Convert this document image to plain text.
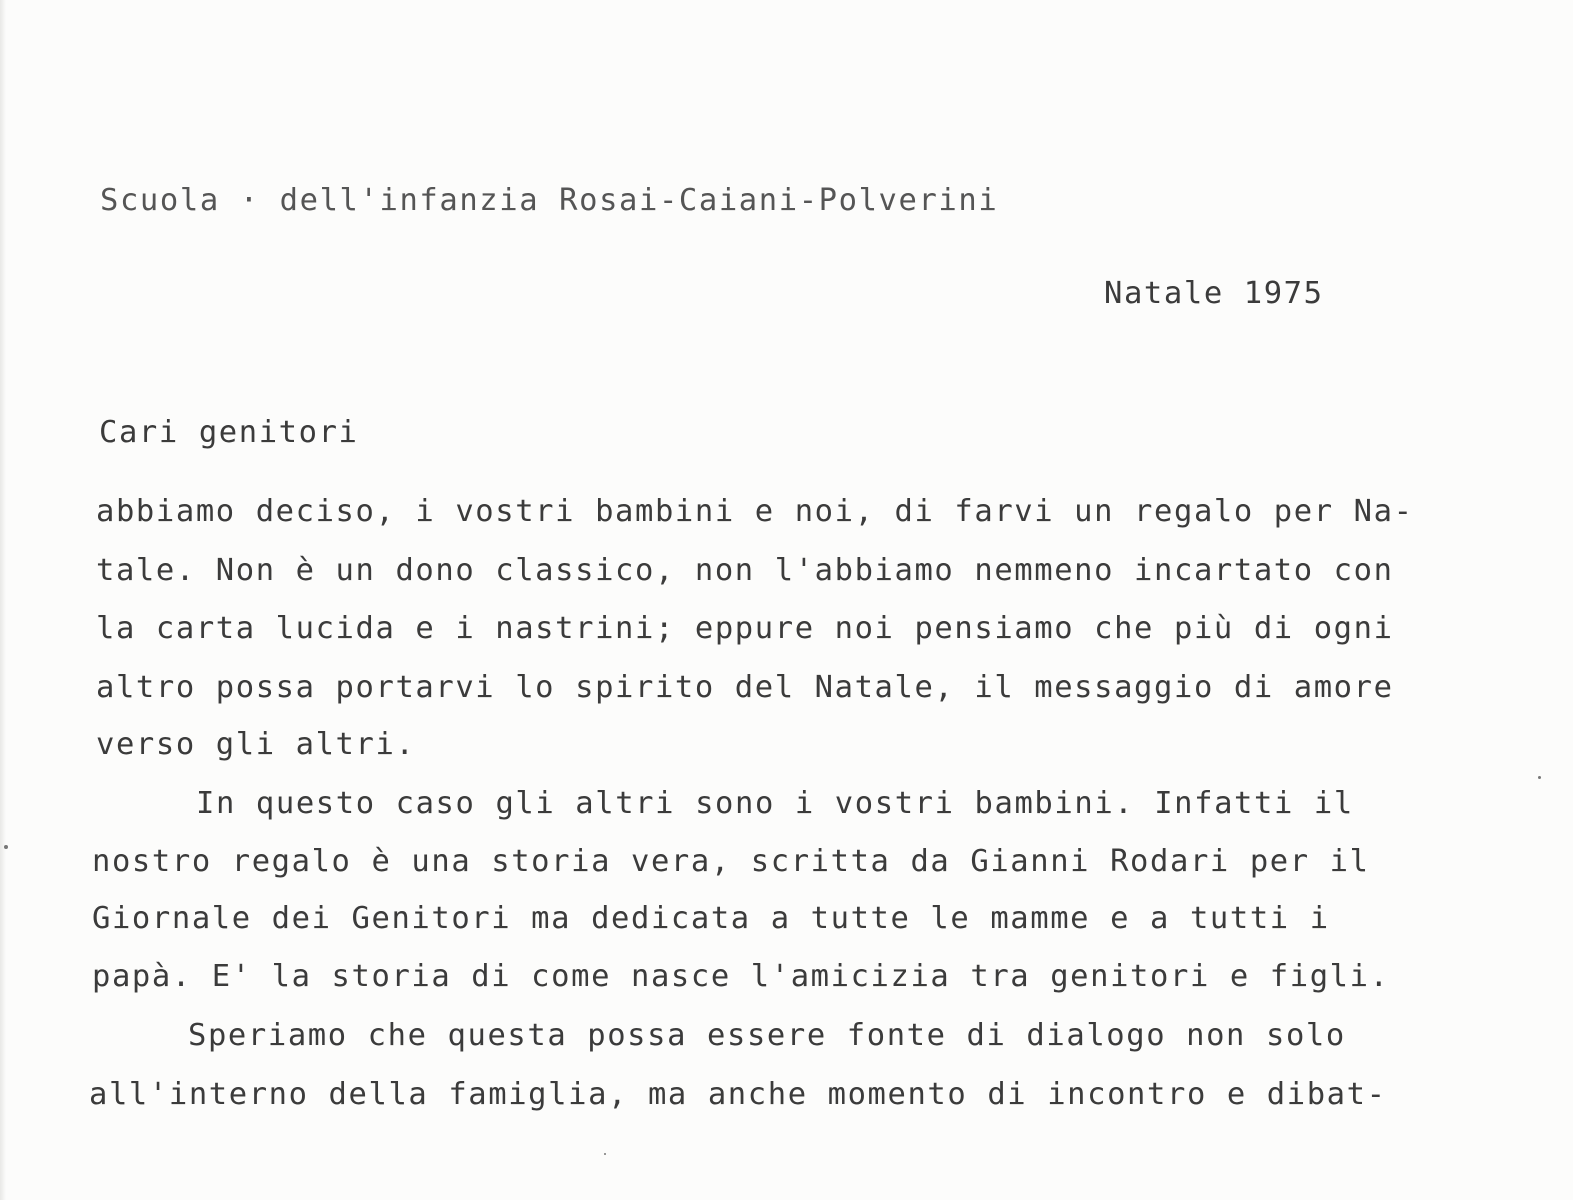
Scuola · dell'infanzia Rosai-Caiani-Polverini
Natale 1975
Cari genitori
abbiamo deciso, i vostri bambini e noi, di farvi un regalo per Na-
tale. Non è un dono classico, non l'abbiamo nemmeno incartato con
la carta lucida e i nastrini; eppure noi pensiamo che più di ogni
altro possa portarvi lo spirito del Natale, il messaggio di amore
verso gli altri.
In questo caso gli altri sono i vostri bambini. Infatti il
nostro regalo è una storia vera, scritta da Gianni Rodari per il
Giornale dei Genitori ma dedicata a tutte le mamme e a tutti i
papà. E' la storia di come nasce l'amicizia tra genitori e figli.
Speriamo che questa possa essere fonte di dialogo non solo
all'interno della famiglia, ma anche momento di incontro e dibat-
